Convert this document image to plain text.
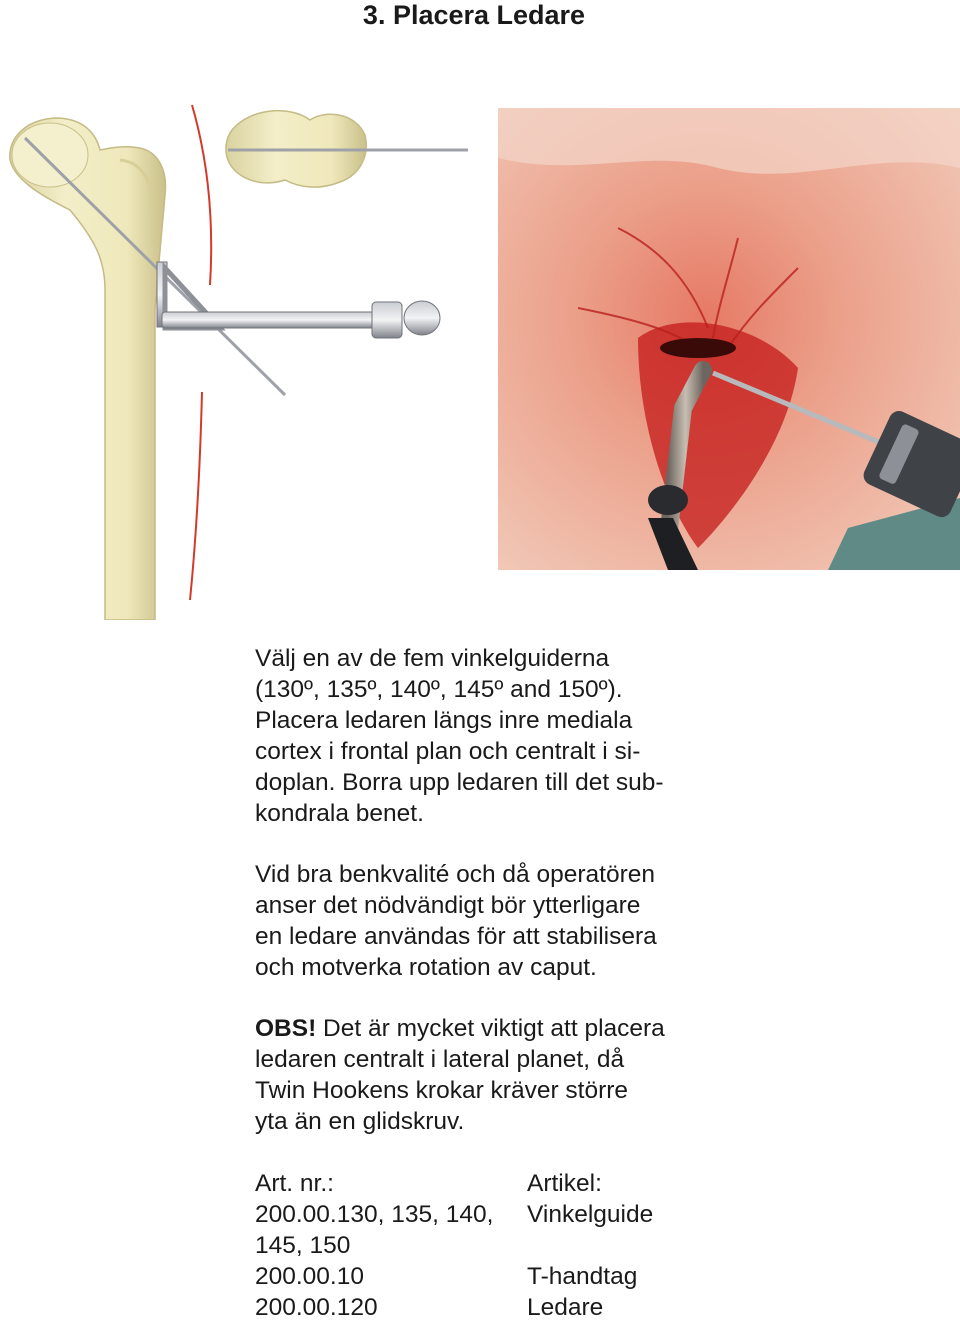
3. Placera Ledare

Välj en av de fem vinkelguiderna

(130º, 135º, 140º, 145º and 150º).

Placera ledaren längs inre mediala

cortex i frontal plan och centralt i si-

doplan. Borra upp ledaren till det sub-

kondrala benet.

Vid bra benkvalité och då operatören

anser det nödvändigt bör ytterligare

en ledare användas för att stabilisera

och motverka rotation av caput.

OBS! Det är mycket viktigt att placera

ledaren centralt i lateral planet, då

Twin Hookens krokar kräver större

yta än en glidskruv.

Art. nr.:	Artikel:
200.00.130, 135, 140,	Vinkelguide
145, 150	
200.00.10	T-handtag
200.00.120	Ledare
